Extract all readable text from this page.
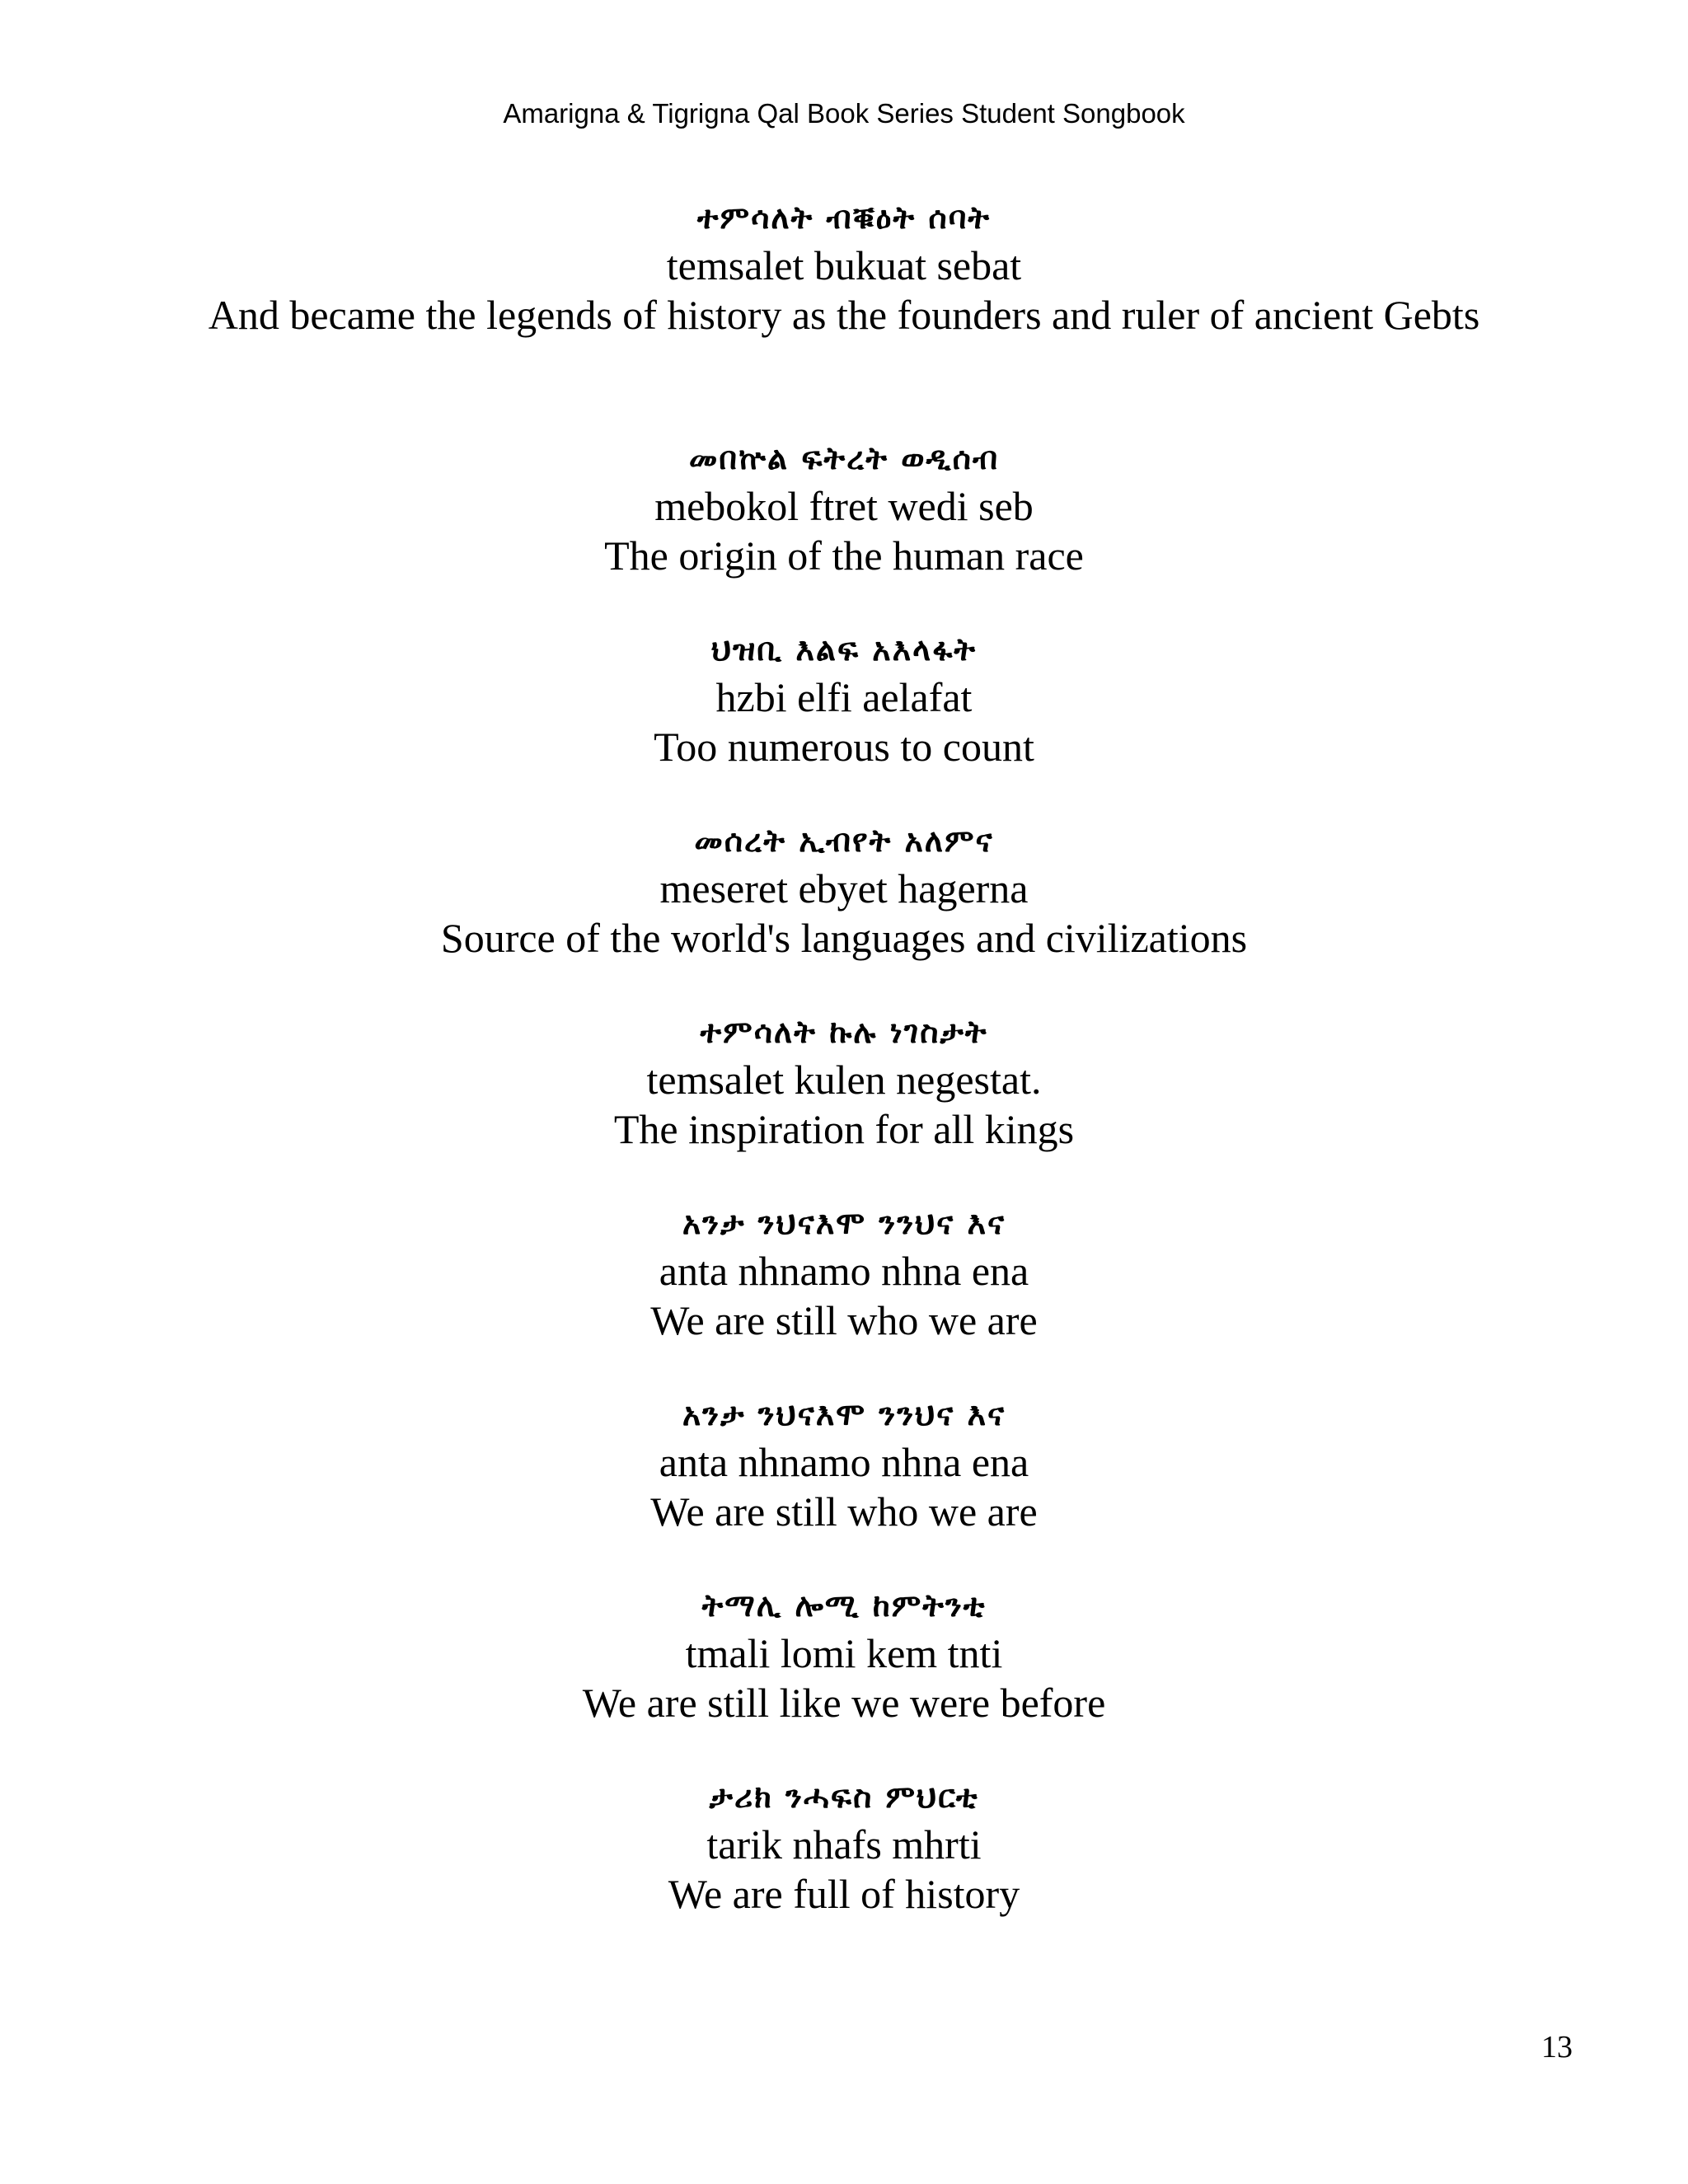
Amarigna & Tigrigna Qal Book Series Student Songbook
ተምሳለት ብቑዕት ሰባት
temsalet bukuat sebat
And became the legends of history as the founders and ruler of ancient Gebts
መበኵል ፍትረት ወዲሰብ
mebokol ftret wedi seb
The origin of the human race
ህዝቢ እልፍ አእላፋት
hzbi elfi aelafat
Too numerous to count
መሰረት ኢብየት አለምና
meseret ebyet hagerna
Source of the world's languages and civilizations
ተምሳለት ኩሉ ነገስታት
temsalet kulen negestat.
The inspiration for all kings
አንታ ንህናእሞ ንንህና እና
anta nhnamo nhna ena
We are still who we are
አንታ ንህናእሞ ንንህና እና
anta nhnamo nhna ena
We are still who we are
ትማሊ ሎሚ ከምትንቲ
tmali lomi kem tnti
We are still like we were before
ታሪክ ንሓፍስ ምህርቲ
tarik nhafs mhrti
We are full of history
13
